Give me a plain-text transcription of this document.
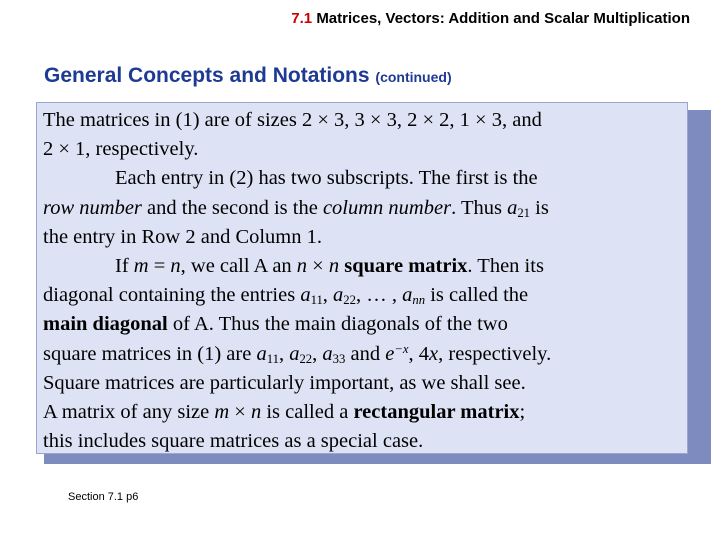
7.1 Matrices, Vectors: Addition and Scalar Multiplication
General Concepts and Notations (continued)

The matrices in (1) are of sizes 2 × 3, 3 × 3, 2 × 2, 1 × 3, and
2 × 1, respectively.
Each entry in (2) has two subscripts. The first is the
row number and the second is the column number. Thus $a_{21}$ is
the entry in Row 2 and Column 1.
If m = n, we call A an n × n square matrix. Then its
diagonal containing the entries $a_{11}$, $a_{22}$, … , $a_{nn}$ is called the
main diagonal of A. Thus the main diagonals of the two
square matrices in (1) are $a_{11}$, $a_{22}$, $a_{33}$ and $e^{-x}$, 4x, respectively.
Square matrices are particularly important, as we shall see.
A matrix of any size m × n is called a rectangular matrix;
this includes square matrices as a special case.

Section 7.1 p6
